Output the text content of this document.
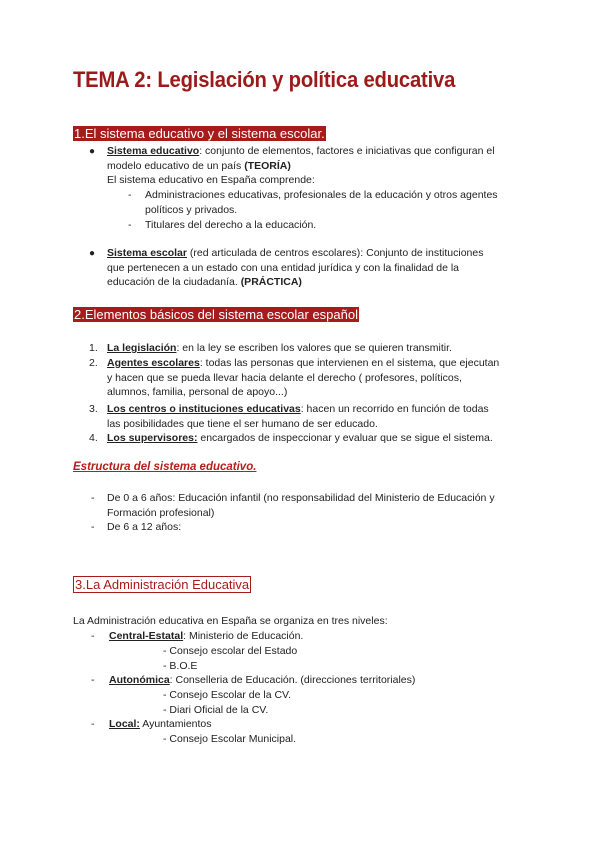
TEMA 2: Legislación y política educativa
1.El sistema educativo y el sistema escolar.
● Sistema educativo: conjunto de elementos, factores e iniciativas que configuran el
modelo educativo de un país (TEORÍA)
El sistema educativo en España comprende:
- Administraciones educativas, profesionales de la educación y otros agentes
políticos y privados.
- Titulares del derecho a la educación.
● Sistema escolar (red articulada de centros escolares): Conjunto de instituciones
que pertenecen a un estado con una entidad jurídica y con la finalidad de la
educación de la ciudadanía. (PRÁCTICA)
2.Elementos básicos del sistema escolar español
1. La legislación: en la ley se escriben los valores que se quieren transmitir.
2. Agentes escolares: todas las personas que intervienen en el sistema, que ejecutan
y hacen que se pueda llevar hacia delante el derecho ( profesores, políticos,
alumnos, familia, personal de apoyo...)
3. Los centros o instituciones educativas: hacen un recorrido en función de todas
las posibilidades que tiene el ser humano de ser educado.
4. Los supervisores: encargados de inspeccionar y evaluar que se sigue el sistema.
Estructura del sistema educativo.
- De 0 a 6 años: Educación infantil (no responsabilidad del Ministerio de Educación y
Formación profesional)
- De 6 a 12 años:
3.La Administración Educativa
La Administración educativa en España se organiza en tres niveles:
- Central-Estatal: Ministerio de Educación.
- Consejo escolar del Estado
- B.O.E
- Autonómica: Conselleria de Educación. (direcciones territoriales)
- Consejo Escolar de la CV.
- Diari Oficial de la CV.
- Local: Ayuntamientos
- Consejo Escolar Municipal.
